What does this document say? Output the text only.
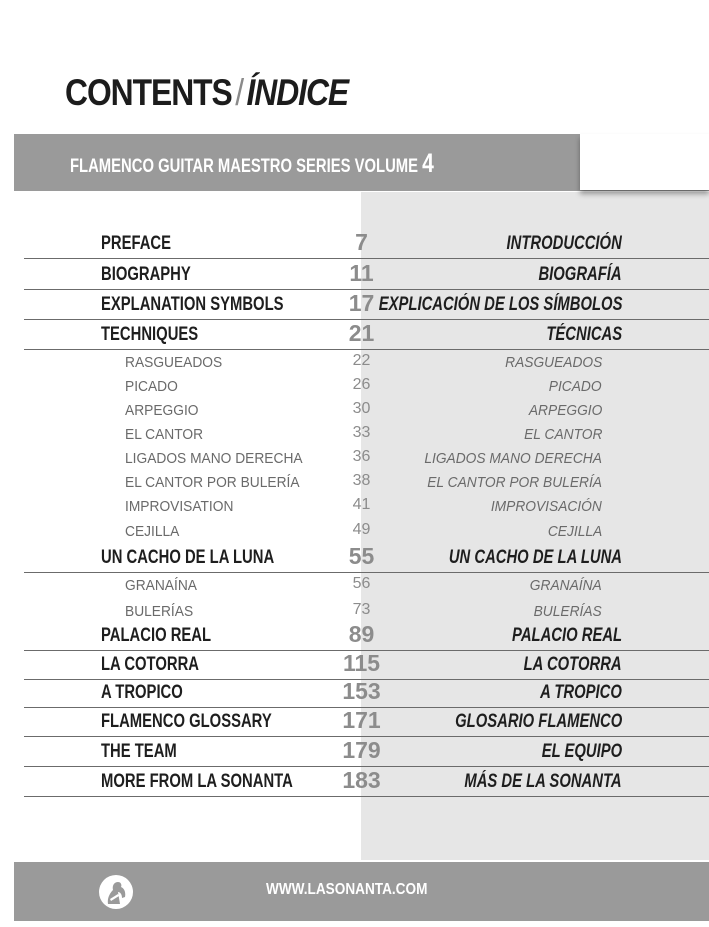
CONTENTS/ÍNDICE
FLAMENCO GUITAR MAESTRO SERIES VOLUME 4
PREFACE	7	INTRODUCCIÓN
BIOGRAPHY	11	BIOGRAFÍA
EXPLANATION SYMBOLS	17 EXPLICACIÓN DE LOS SÍMBOLOS
TECHNIQUES	21	TÉCNICAS
RASGUEADOS	22	RASGUEADOS
PICADO	26	PICADO
ARPEGGIO	30	ARPEGGIO
EL CANTOR	33	EL CANTOR
LIGADOS MANO DERECHA	36	LIGADOS MANO DERECHA
EL CANTOR POR BULERÍA	38	EL CANTOR POR BULERÍA
IMPROVISATION	41	IMPROVISACIÓN
CEJILLA	49	CEJILLA
UN CACHO DE LA LUNA	55	UN CACHO DE LA LUNA
GRANAÍNA	56	GRANAÍNA
BULERÍAS	73	BULERÍAS
PALACIO REAL	89	PALACIO REAL
LA COTORRA	115	LA COTORRA
A TROPICO	153	A TROPICO
FLAMENCO GLOSSARY	171	GLOSARIO FLAMENCO
THE TEAM	179	EL EQUIPO
MORE FROM LA SONANTA	183	MÁS DE LA SONANTA
WWW.LASONANTA.COM
